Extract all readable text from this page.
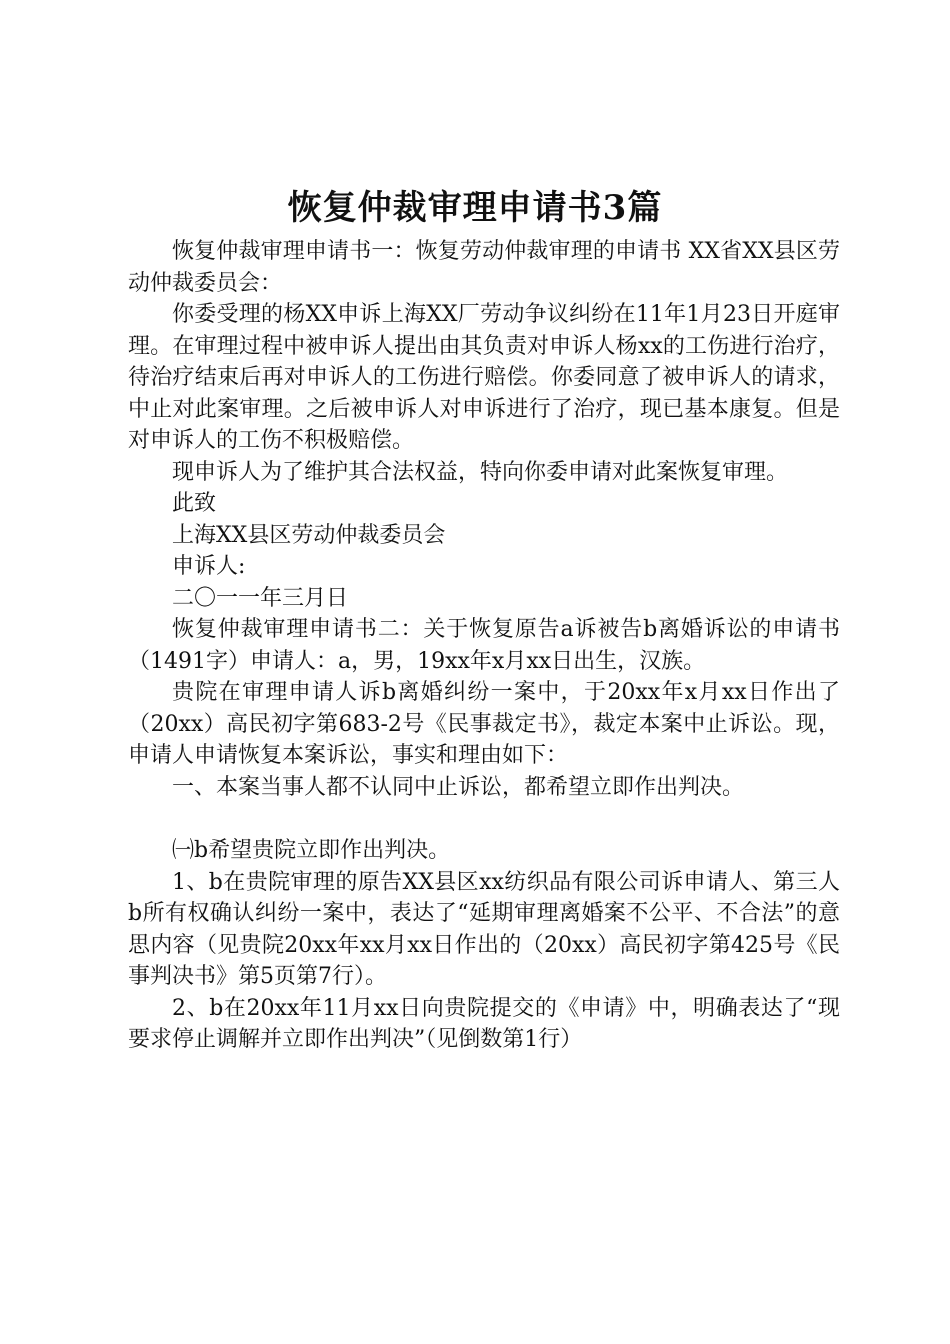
恢复仲裁审理申请书3篇

恢复仲裁审理申请书一：恢复劳动仲裁审理的申请书 XX省XX县区劳动仲裁委员会：

你委受理的杨XX申诉上海XX厂劳动争议纠纷在11年1月23日开庭审理。在审理过程中被申诉人提出由其负责对申诉人杨xx的工伤进行治疗，待治疗结束后再对申诉人的工伤进行赔偿。你委同意了被申诉人的请求，中止对此案审理。之后被申诉人对申诉进行了治疗，现已基本康复。但是对申诉人的工伤不积极赔偿。

现申诉人为了维护其合法权益，特向你委申请对此案恢复审理。

此致

上海XX县区劳动仲裁委员会

申诉人:

二〇一一年三月日

恢复仲裁审理申请书二：关于恢复原告a诉被告b离婚诉讼的申请书（1491字）申请人：a，男，19xx年x月xx日出生，汉族。

贵院在审理申请人诉b离婚纠纷一案中，于20xx年x月xx日作出了（20xx）高民初字第683-2号《民事裁定书》，裁定本案中止诉讼。现，申请人申请恢复本案诉讼，事实和理由如下：

一、本案当事人都不认同中止诉讼，都希望立即作出判决。

㈠b希望贵院立即作出判决。

1、b在贵院审理的原告XX县区xx纺织品有限公司诉申请人、第三人b所有权确认纠纷一案中，表达了“延期审理离婚案不公平、不合法”的意思内容（见贵院20xx年xx月xx日作出的（20xx）高民初字第425号《民事判决书》第5页第7行）。

2、b在20xx年11月xx日向贵院提交的《申请》中，明确表达了“现要求停止调解并立即作出判决”（见倒数第1行）
